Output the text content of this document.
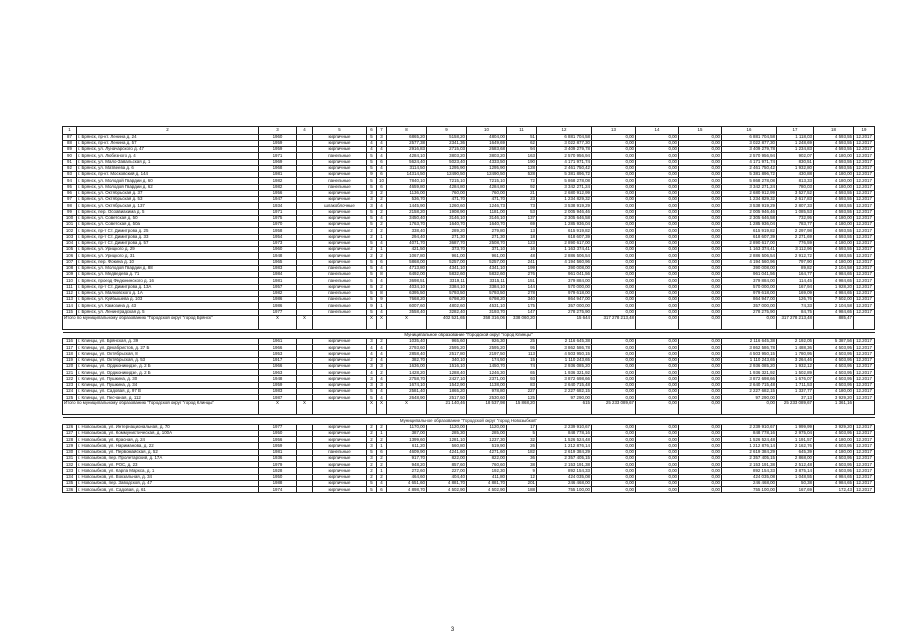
1	2	3	4	5	6	7	8	9	10	11	12	13	14	15	16	17	18	19	
87	г. Брянск, пр-кт. Ленина д. 24	1960		кирпичные	5	3	6865,20	5158,20	4804,00	51	6 881 704,58	0,00	0,00	0,00	6 881 704,58	1 118,03	4 593,55	12.2017	
88	г. Брянск, пр-кт. Ленина д. 57	1959		кирпичные	4	4	2577,38	2341,36	1649,69	62	3 022 877,30	0,00	0,00	0,00	3 022 877,30	1 248,69	4 593,55	12.2017	
89	г. Брянск, ул. Луначарского д. 47	1959		кирпичные	4	4	2916,83	2715,03	2683,68	94	3 409 279,78	0,00	0,00	0,00	3 409 279,78	1 234,83	4 593,55	12.2017	
90	г. Брянск, ул. Любезного д. 4	1971		панельные	5	4	4284,10	3803,20	3803,20	163	2 570 956,94	0,00	0,00	0,00	2 570 956,94	902,07	4 180,00	12.2017	
91	г. Брянск, ул. Мало-Завальская д. 1	1969		кирпичные	5	6	5624,40	5023,40	4333,50	190	4 171 971,74	0,00	0,00	0,00	4 171 971,74	830,51	4 593,55	12.2017	
92	г. Брянск, ул. Матвеева д. 6	1968		кирпичные	5	4	3114,50	1295,90	1295,90	128	2 461 750,42	0,00	0,00	0,00	2 461 750,42	1 932,80	4 593,55	12.2017	
93	г. Брянск, пр-кт. Московский д. 144	1981		кирпичные	9	6	14314,50	12490,50	12490,50	528	5 381 896,72	0,00	0,00	0,00	5 381 896,72	430,88	4 180,00	12.2017	
94	г. Брянск, ул. Молодой Гвардии д. 60	1982		панельные	5	10	7840,10	7215,10	7215,10	72	5 868 278,08	0,00	0,00	0,00	5 868 278,08	813,33	4 180,00	12.2017	
95	г. Брянск, ул. Молодой Гвардии д. 62	1982		панельные	5	6	4659,80	4284,80	4284,80	92	3 342 271,24	0,00	0,00	0,00	3 342 271,24	780,03	4 180,00	12.2017	
96	г. Брянск, ул. Октябрьская д. 37	1956		кирпичные	3	2	1136,00	760,00	760,00	21	2 680 912,99	0,00	0,00	0,00	2 680 912,99	3 527,52	4 593,55	12.2017	
97	г. Брянск, ул. Октябрьская д. 53	1947		кирпичные	3	2	536,70	471,70	471,70	23	1 234 829,32	0,00	0,00	0,00	1 234 829,32	2 617,83	4 593,55	12.2017	
98	г. Брянск, ул. Октябрьская д. 137	1934		шлакоблочные	3	4	1445,90	1260,60	1246,73	73	3 538 919,29	0,00	0,00	0,00	3 538 919,29	2 807,33	4 593,55	12.2017	
99	г. Брянск, пер. Осоавиахима д. 5	1971		кирпичные	5	2	2158,20	1908,90	1181,00	53	2 005 946,46	0,00	0,00	0,00	2 005 946,46	1 085,53	4 593,55	12.2017	
100	г. Брянск, ул. Советская д. 50	1975		кирпичные	5	4	3450,40	3146,10	3146,10	137	2 305 646,58	0,00	0,00	0,00	2 305 646,58	732,95	4 180,00	12.2017	
101	г. Брянск, ул. Советская д. 50а	1970		кирпичные	5	2	1763,70	1640,70	1640,70	69	1 285 936,04	0,00	0,00	0,00	1 285 936,04	783,77	4 180,00	12.2017	
102	г. Брянск, пр-т Ст. Димитрова д. 25	1958		кирпичные	2	2	338,40	289,20	279,80	13	615 919,82	0,00	0,00	0,00	615 919,82	2 297,98	4 593,55	12.2017	
103	г. Брянск, пр-т Ст. Димитрова д. 33	1954		кирпичные	2	1	294,40	271,30	271,30	18	618 607,39	0,00	0,00	0,00	618 607,39	2 271,69	4 593,55	12.2017	
104	г. Брянск, пр-т Ст. Димитрова д. 57	1973		кирпичные	5	4	4071,70	3687,70	2508,70	123	2 890 617,00	0,00	0,00	0,00	2 890 617,00	776,59	4 180,00	12.2017	
105	г. Брянск, ул. Урицкого д. 29	1960		кирпичные	2	1	421,50	373,70	371,10	16	1 163 374,41	0,00	0,00	0,00	1 163 374,41	3 112,96	4 593,55	12.2017	
106	г. Брянск, ул. Урицкого д. 31	1948		кирпичные	2	2	1067,80	961,00	961,00	48	2 886 506,54	0,00	0,00	0,00	2 886 506,54	2 912,72	4 593,55	12.2017	
107	г. Брянск, пер. Фокина д. 10	1965		кирпичные	5	6	5868,00	5257,00	5257,00	241	4 194 560,96	0,00	0,00	0,00	4 194 560,96	797,90	4 180,00	12.2017	
108	г. Брянск, ул. Молодой Гвардии д. 88	1983		панельные	5	4	4713,80	4341,10	4341,10	199	390 008,00	0,00	0,00	0,00	390 008,00	89,82	2 104,58	12.2017	
109	г. Брянск, ул. Медведева д. 71	1984		панельные	5	8	6492,00	5832,60	5832,60	276	961 041,56	0,00	0,00	0,00	961 041,56	164,77	4 984,65	12.2017	
110	г. Брянск, проезд Федюнинского д. 16	1981		панельные	5	4	3698,51	3319,11	3315,11	151	379 884,00	0,00	0,00	0,00	379 884,00	114,45	4 984,65	12.2017	
111	г. Брянск, пр-т Ст. Димитрова д. 13А	1957		кирпичные	5	2	4034,10	3384,10	3384,10	144	570 000,00	0,00	0,00	0,00	570 000,00	167,94	1 928,20	12.2017	
112	г. Брянск, ул. Малковского д. 1А	1982		панельные	5	8	6395,50	5793,50	5793,50	278	979 618,00	0,00	0,00	0,00	979 618,00	169,09	4 984,65	12.2017	
113	г. Брянск, ул. Куйбышева д. 103	1986		панельные	5	9	7668,20	6798,20	6798,20	340	864 947,00	0,00	0,00	0,00	864 947,00	126,76	7 502,00	12.2017	
114	г. Брянск, ул. Камозина д. 43	1986		панельные	9	1	6007,60	4802,60	4531,10	175	357 000,00	0,00	0,00	0,00	357 000,00	74,33	2 104,58	12.2017	
115	г. Брянск, ул. Ленинградская д. 5	1977		панельные	5	4	3558,40	3282,40	3193,70	147	278 275,90	0,00	0,00	0,00	278 275,90	84,75	4 984,65	12.2017	
Итого по муниципальному образованию "Городской округ "город Брянск"		X	X		X	X	X	402 521,65	358 316,06	338 060,20	15 644	317 278 213,48	0,00	0,00	0,00	317 278 213,48	885,47		

Муниципальное образование "Городской округ "город Клинцы"																			
116	г. Клинцы, ул. Брянская, д. 39	1961		кирпичные	3	2	1035,40	965,60	926,30	25	2 116 645,38	0,00	0,00	0,00	2 116 645,38	2 192,05	5 387,56	12.2017	
117	г. Клинцы, ул. Декабристов, д. 27 Б	1966		кирпичные	4	4	2793,60	2595,20	2595,20	95	3 862 586,78	0,00	0,00	0,00	3 862 586,78	1 488,36	4 503,95	12.2017	
118	г. Клинцы, ул. Октябрьская, 8	1953		кирпичные	4	4	2858,40	2517,80	2197,50	113	4 503 950,15	0,00	0,00	0,00	4 503 950,15	1 780,95	4 503,95	12.2017	
119	г. Клинцы, ул. Октябрьская, д. 53	1917		кирпичные	2	4	382,70	340,10	174,50	15	1 110 243,65	0,00	0,00	0,00	1 110 243,65	3 264,46	4 503,95	12.2017	
120	г. Клинцы, ул. Орджоникидзе, д. 2 Б	1966		кирпичные	3	3	1636,00	1516,10	1450,70	74	2 936 085,20	0,00	0,00	0,00	2 936 085,20	1 932,12	4 503,95	12.2017	
121	г. Клинцы, ул. Орджоникидзе, д. 2 Б	1963		кирпичные	4	2	1428,20	1288,40	1246,30	65	1 936 321,92	0,00	0,00	0,00	1 936 321,92	1 502,89	4 503,95	12.2017	
122	г. Клинцы, ул. Пушкина, д. 30	1948		кирпичные	3	4	2758,70	2427,10	2371,00	93	3 872 698,66	0,00	0,00	0,00	3 872 698,66	1 676,07	4 503,95	12.2017	
123	г. Клинцы, ул. Пушкина, д. 34	1959		кирпичные	3	3	1674,10	1542,90	1138,00	83	2 640 715,48	0,00	0,00	0,00	2 640 715,48	1 711,53	4 503,95	12.2017	
124	г. Клинцы, ул. Садовая, д. 97 В	1983		кирпичные	5	4	2581,40	1865,20	978,80	227	2 227 682,15	0,00	0,00	0,00	2 227 682,15	1 337,77	4 180,00	12.2017	
125	г. Клинцы, ул. Песчаная, д. 112	1987		кирпичные	5	4	2648,90	2517,50	2530,60	125	97 290,00	0,00	0,00	0,00	97 290,00	37,13	3 929,20	12.2017	
Итого по муниципальному образованию "Городской округ "город Клинцы"		X	X		X	X	X	21 140,46	18 537,98	15 868,20	615	25 233 089,67	0,00	0,00	0,00	25 233 089,67	1 361,16		

Муниципальное образование "Городской округ "город Новозыбков"																			
126	г. Новозыбков, ул. Интернациональная, д. 70	1977		кирпичные	2	2	1170,00	1120,00	1120,00	17	2 239 910,67	0,00	0,00	0,00	2 239 910,67	1 999,99	3 929,20	12.2017	
127	г. Новозыбков, ул. Коммунистическая, д. 100А	1950		кирпичные	2	1	387,00	285,30	285,00	5	848 778,16	0,00	0,00	0,00	848 778,16	2 975,04	4 503,95	12.2017	
128	г. Новозыбков, ул. Красная, д. 24	1956		кирпичные	2	2	1399,60	1281,10	1237,30	32	1 526 524,48	0,00	0,00	0,00	1 526 524,48	1 191,57	4 180,00	12.2017	
129	г. Новозыбков, ул. Нариманова, д. 22	1959		кирпичные	3	1	611,20	560,80	519,90	26	1 212 876,14	0,00	0,00	0,00	1 212 876,14	2 162,76	4 503,95	12.2017	
130	г. Новозыбков, ул. Первомайская, д. 52	1981		панельные	5	6	4609,90	4241,60	4271,60	182	2 619 384,29	0,00	0,00	0,00	2 619 384,29	645,39	4 180,00	12.2017	
131	г. Новозыбков, пер. Пролетарский, д. 17А	1936		кирпичные	3	2	917,70	822,00	822,00	36	2 357 405,15	0,00	0,00	0,00	2 357 405,15	2 868,00	4 503,95	12.2017	
132	г. Новозыбков, ул. РОС, д. 23	1979		кирпичные	2	2	948,20	857,60	760,60	38	2 153 191,38	0,00	0,00	0,00	2 153 191,38	2 512,48	4 503,95	12.2017	
133	г. Новозыбков, ул. Карла Маркса, д. 1	1928		кирпичные	2	1	272,60	227,00	192,30	9	892 154,33	0,00	0,00	0,00	892 154,33	3 875,14	4 503,95	12.2017	
134	г. Новозыбков, ул. Вокзальная, д. 34	1950		кирпичные	2	2	464,60	404,40	411,80	12	424 035,08	0,00	0,00	0,00	424 035,08	1 048,55	4 984,65	12.2017	
135	г. Новозыбков, пер. Заводской, д. 47	1988		кирпичные	5	4	4 651,60	4 881,70	4 881,70	201	246 468,00	0,00	0,00	0,00	246 468,00	50,38	4 984,65	12.2017	
136	г. Новозыбков, ул. Садовая, д. 61	1974		кирпичные	5	6	4 898,70	4 502,90	4 502,90	188	755 100,00	0,00	0,00	0,00	755 100,00	167,69	172,43	12.2017	
3
